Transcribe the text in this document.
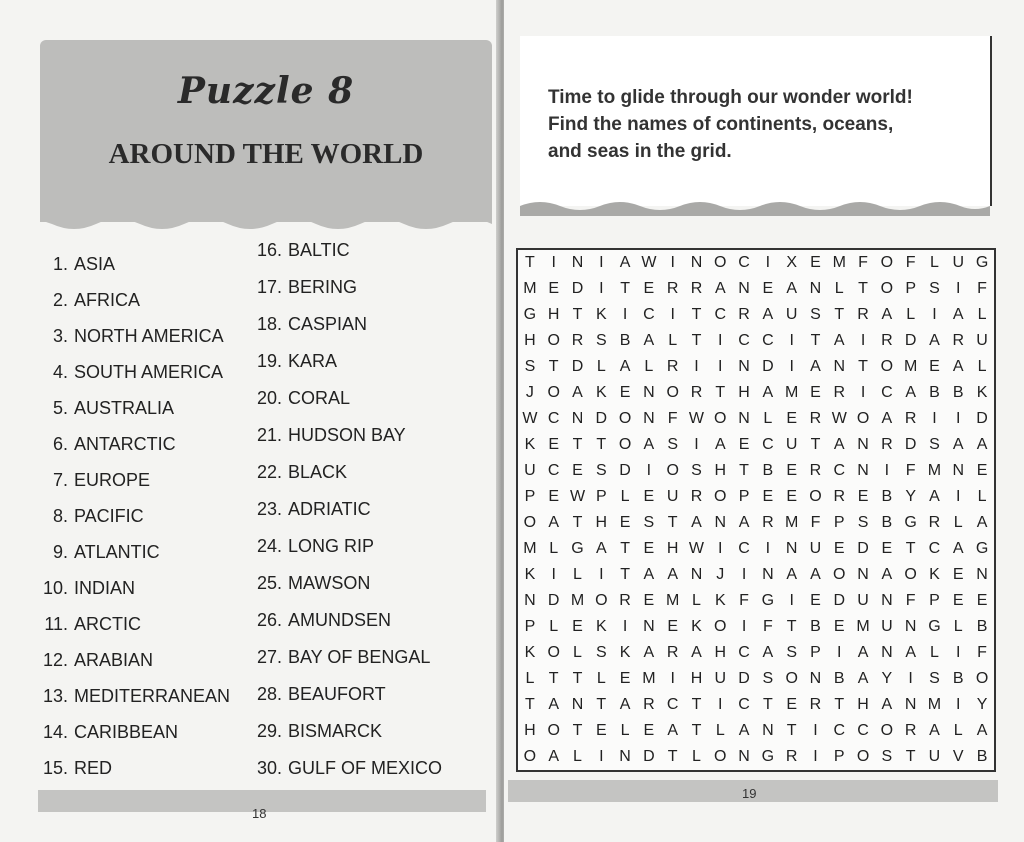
Puzzle 8
AROUND THE WORLD
1. ASIA
2. AFRICA
3. NORTH AMERICA
4. SOUTH AMERICA
5. AUSTRALIA
6. ANTARCTIC
7. EUROPE
8. PACIFIC
9. ATLANTIC
10. INDIAN
11. ARCTIC
12. ARABIAN
13. MEDITERRANEAN
14. CARIBBEAN
15. RED
16. BALTIC
17. BERING
18. CASPIAN
19. KARA
20. CORAL
21. HUDSON BAY
22. BLACK
23. ADRIATIC
24. LONG RIP
25. MAWSON
26. AMUNDSEN
27. BAY OF BENGAL
28. BEAUFORT
29. BISMARCK
30. GULF OF MEXICO
18
Time to glide through our wonder world!
Find the names of continents, oceans,
and seas in the grid.
T	I N I	A W I N O C I	X E M F O F L U G
M E D I	T E R R A N E A N L T O P S	I	F
G H T K	I C I	T C R A U S T R A L	I	A L
H O R S B A L T	I C C I	T A	I R D A R U
S T D L A L R I	I N D I	A N T O M E A L
J O A K E N O R T H A M E R I C A B B K
W C N D O N F W O N L E R W O A R I	I D
K E T T O A S	I	A E C U T A N R D S A A
U C E S D I O S H T B E R C N I	F M N E
P E W P L E U R O P E E O R E B Y A	I	L
O A T H E S T A N A R M F P S B G R L A
M L G A T E H W I C I N U E D E T C A G
K	I	L	I	T A A N J	I N A A O N A O K E N
N D M O R E M L K F G I	E D U N F P E E
P L E K	I N E K O I	F T B E M U N G L B
K O L S K A R A H C A S P	I	A N A L	I	F
L T T L E M I H U D S O N B A Y	I	S B O
T A N T A R C T	I C T E R T H A N M I	Y
H O T E L E A T L A N T	I C C O R A L A
O A L	I N D T L O N G R I	P O S T U V B
19
